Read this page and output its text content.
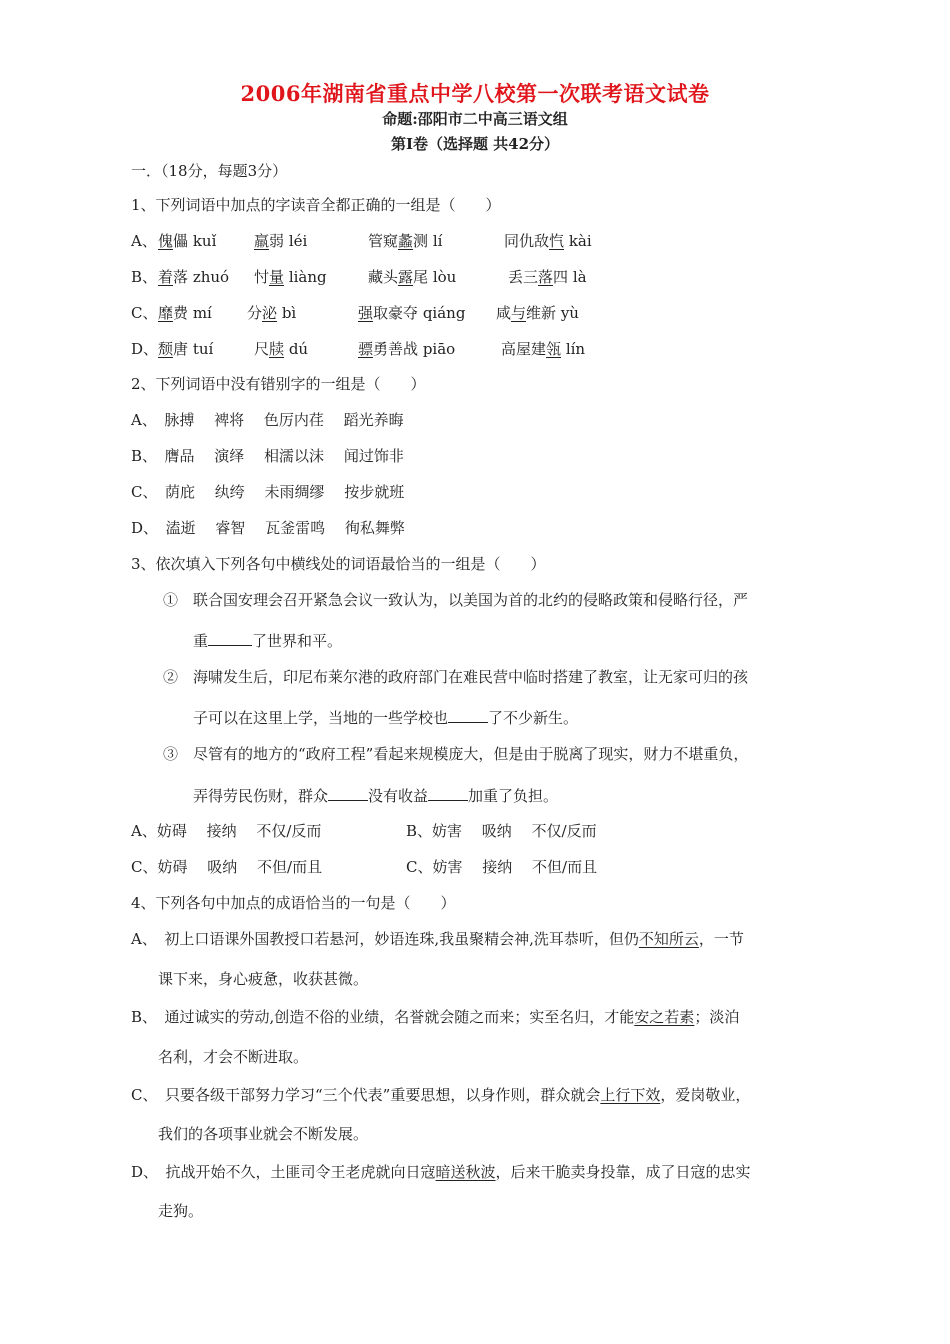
2006年湖南省重点中学八校第一次联考语文试卷
命题:邵阳市二中高三语文组
第Ⅰ卷（选择题 共42分）
一．（18分，每题3分）
1、下列词语中加点的字读音全都正确的一组是（　　）
A、 傀儡 kuǐ	羸弱 léi	管窥蠡测 lí	同仇敌忾 kài
B、 着落 zhuó 忖量 liàng	藏头露尾 lòu	丢三落四 là
C、 靡费 mí 分泌 bì	强取豪夺 qiáng 咸与维新 yù
D、 颓唐 tuí	尺牍 dú	骠勇善战 piāo	高屋建瓴 lín
2、下列词语中没有错别字的一组是（　　）
A、　脉搏　 裨将　 色厉内荏　 蹈光养晦
B、　膺品　 演绎　 相濡以沫　 闻过饰非
C、　荫庇　 纨绔　 未雨绸缪　 按步就班
D、　溘逝　 睿智　 瓦釜雷鸣　 徇私舞弊
3、依次填入下列各句中横线处的词语最恰当的一组是（　　）
①　联合国安理会召开紧急会议一致认为，以美国为首的北约的侵略政策和侵略行径，严
重	了世界和平。
②　海啸发生后，印尼布莱尔港的政府部门在难民营中临时搭建了教室，让无家可归的孩
子可以在这里上学，当地的一些学校也	了不少新生。
③　尽管有的地方的“政府工程”看起来规模庞大，但是由于脱离了现实，财力不堪重负，
弄得劳民伤财，群众	没有收益	加重了负担。
A、妨碍　 接纳　 不仅/反而	B、妨害　 吸纳　 不仅/反而
C、妨碍　 吸纳　 不但/而且	C、妨害　 接纳　 不但/而且
4、下列各句中加点的成语恰当的一句是（　　）
A、　初上口语课外国教授口若悬河，妙语连珠,我虽聚精会神,洗耳恭听，但仍不知所云，一节
课下来，身心疲惫，收获甚微。
B、　通过诚实的劳动,创造不俗的业绩，名誉就会随之而来；实至名归，才能安之若素；淡泊
名利，才会不断进取。
C、　只要各级干部努力学习“三个代表”重要思想，以身作则，群众就会上行下效，爱岗敬业，
我们的各项事业就会不断发展。
D、　抗战开始不久，土匪司令王老虎就向日寇暗送秋波，后来干脆卖身投靠，成了日寇的忠实
走狗。
